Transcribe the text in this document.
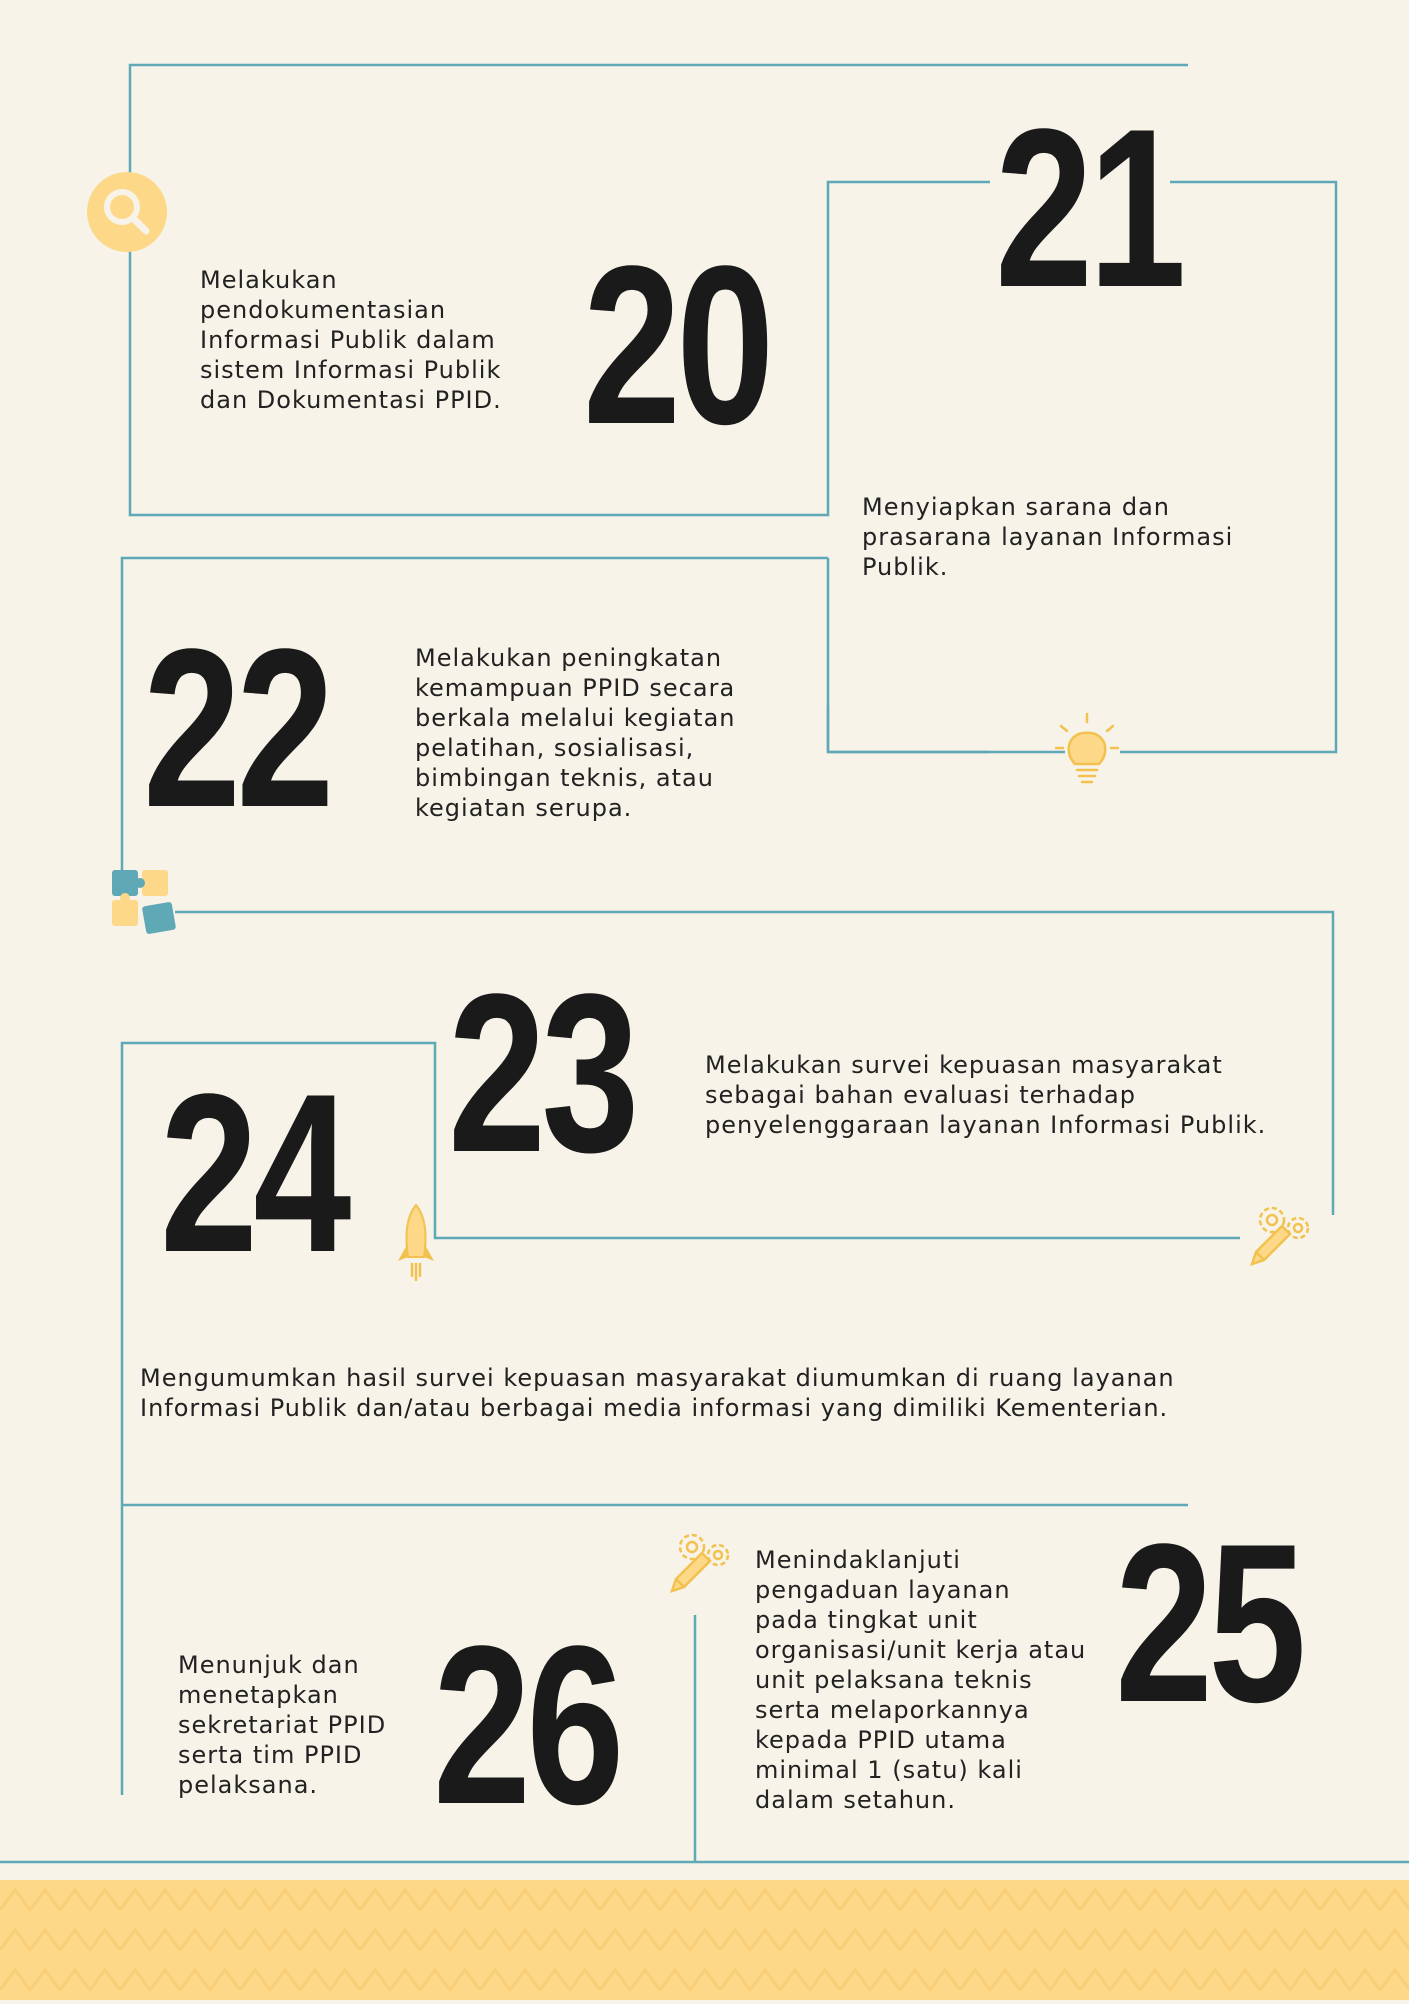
20
21
22
23
24
25
26
Melakukan
pendokumentasian
Informasi Publik dalam
sistem Informasi Publik
dan Dokumentasi PPID.
Menyiapkan sarana dan
prasarana layanan Informasi
Publik.
Melakukan peningkatan
kemampuan PPID secara
berkala melalui kegiatan
pelatihan, sosialisasi,
bimbingan teknis, atau
kegiatan serupa.
Melakukan survei kepuasan masyarakat
sebagai bahan evaluasi terhadap
penyelenggaraan layanan Informasi Publik.
Mengumumkan hasil survei kepuasan masyarakat diumumkan di ruang layanan
Informasi Publik dan/atau berbagai media informasi yang dimiliki Kementerian.
Menindaklanjuti
pengaduan layanan
pada tingkat unit
organisasi/unit kerja atau
unit pelaksana teknis
serta melaporkannya
kepada PPID utama
minimal 1 (satu) kali
dalam setahun.
Menunjuk dan
menetapkan
sekretariat PPID
serta tim PPID
pelaksana.
